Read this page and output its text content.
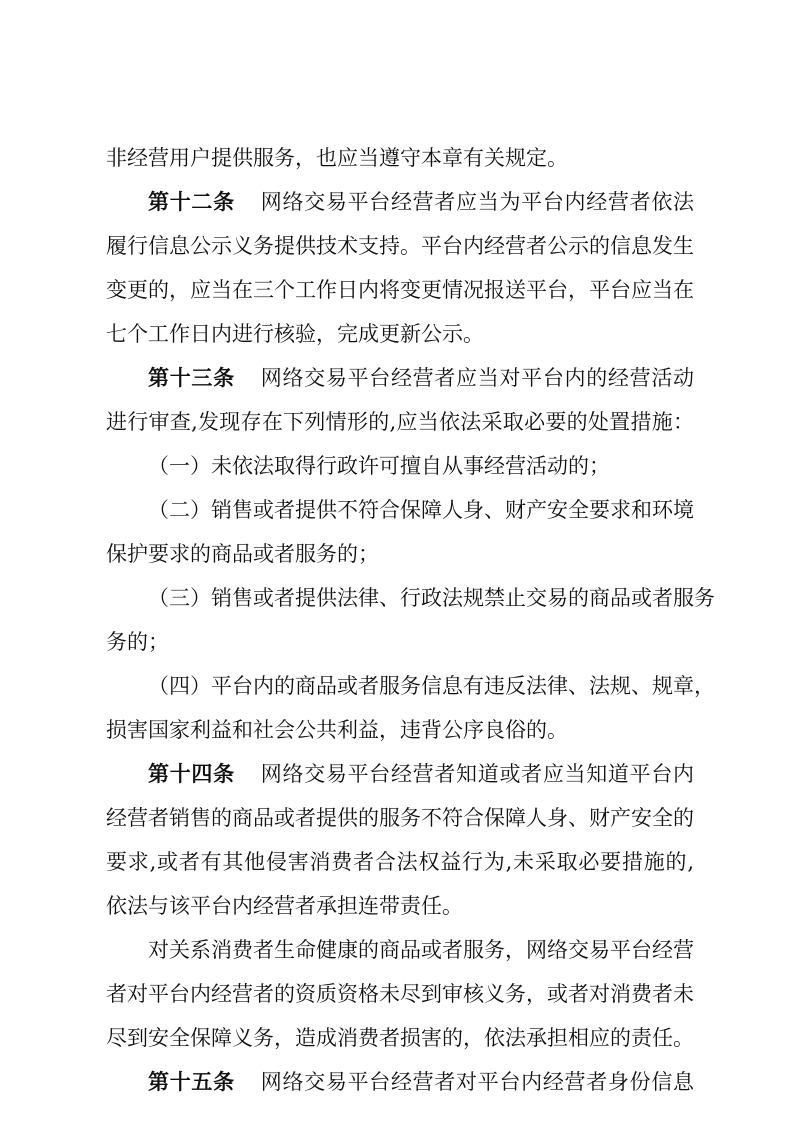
非经营用户提供服务，也应当遵守本章有关规定。
第十二条 网络交易平台经营者应当为平台内经营者依法
履行信息公示义务提供技术支持。平台内经营者公示的信息发生
变更的，应当在三个工作日内将变更情况报送平台，平台应当在
七个工作日内进行核验，完成更新公示。
第十三条 网络交易平台经营者应当对平台内的经营活动
进行审查,发现存在下列情形的,应当依法采取必要的处置措施：
（一）未依法取得行政许可擅自从事经营活动的；
（二）销售或者提供不符合保障人身、财产安全要求和环境
保护要求的商品或者服务的；
（三）销售或者提供法律、行政法规禁止交易的商品或者服务
务的；
（四）平台内的商品或者服务信息有违反法律、法规、规章，
损害国家利益和社会公共利益，违背公序良俗的。
第十四条 网络交易平台经营者知道或者应当知道平台内
经营者销售的商品或者提供的服务不符合保障人身、财产安全的
要求,或者有其他侵害消费者合法权益行为,未采取必要措施的,
依法与该平台内经营者承担连带责任。
对关系消费者生命健康的商品或者服务，网络交易平台经营
者对平台内经营者的资质资格未尽到审核义务，或者对消费者未
尽到安全保障义务，造成消费者损害的，依法承担相应的责任。
第十五条 网络交易平台经营者对平台内经营者身份信息
